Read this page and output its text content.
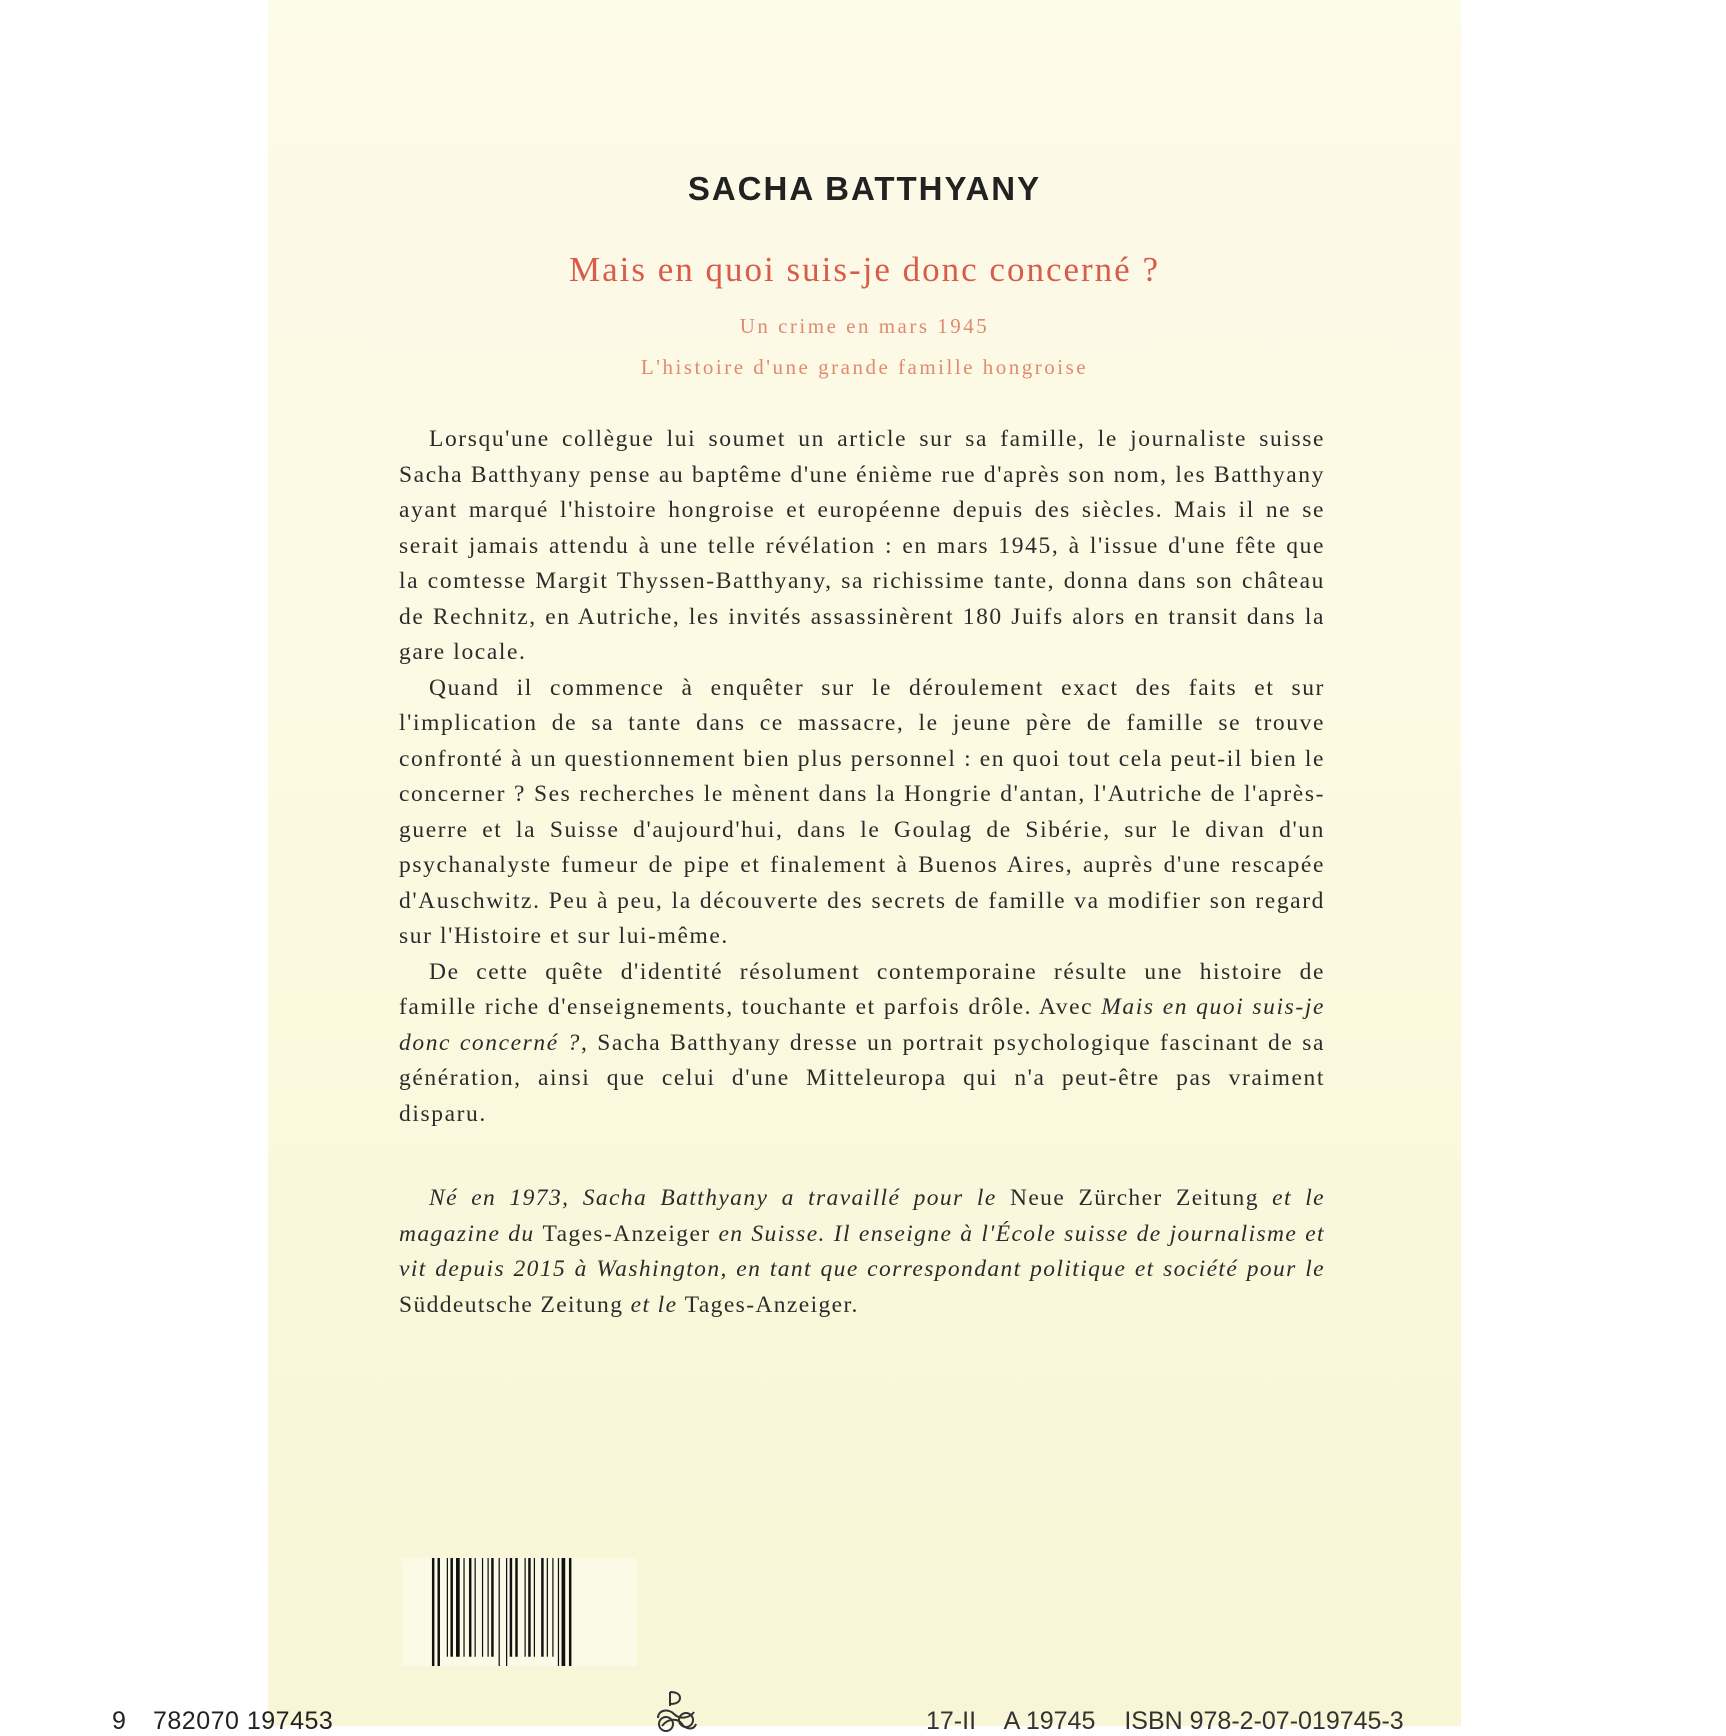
SACHA BATTHYANY
Mais en quoi suis-je donc concerné ?
Un crime en mars 1945
L'histoire d'une grande famille hongroise

Lorsqu'une collègue lui soumet un article sur sa famille, le journaliste suisse Sacha Batthyany pense au baptême d'une énième rue d'après son nom, les Batthyany ayant marqué l'histoire hongroise et européenne depuis des siècles. Mais il ne se serait jamais attendu à une telle révélation : en mars 1945, à l'issue d'une fête que la comtesse Margit Thyssen-Batthyany, sa richissime tante, donna dans son château de Rechnitz, en Autriche, les invités assassinèrent 180 Juifs alors en transit dans la gare locale.

Quand il commence à enquêter sur le déroulement exact des faits et sur l'implication de sa tante dans ce massacre, le jeune père de famille se trouve confronté à un questionnement bien plus personnel : en quoi tout cela peut-il bien le concerner ? Ses recherches le mènent dans la Hongrie d'antan, l'Autriche de l'après-guerre et la Suisse d'aujourd'hui, dans le Goulag de Sibérie, sur le divan d'un psychanalyste fumeur de pipe et finalement à Buenos Aires, auprès d'une rescapée d'Auschwitz. Peu à peu, la découverte des secrets de famille va modifier son regard sur l'Histoire et sur lui-même.

De cette quête d'identité résolument contemporaine résulte une histoire de famille riche d'enseignements, touchante et parfois drôle. Avec Mais en quoi suis-je donc concerné ?, Sacha Batthyany dresse un portrait psychologique fascinant de sa génération, ainsi que celui d'une Mitteleuropa qui n'a peut-être pas vraiment disparu.

Né en 1973, Sacha Batthyany a travaillé pour le Neue Zürcher Zeitung et le magazine du Tages-Anzeiger en Suisse. Il enseigne à l'École suisse de journalisme et vit depuis 2015 à Washington, en tant que correspondant politique et société pour le Süddeutsche Zeitung et le Tages-Anzeiger.

9 782070 197453	17-II A 19745 ISBN 978-2-07-019745-3
